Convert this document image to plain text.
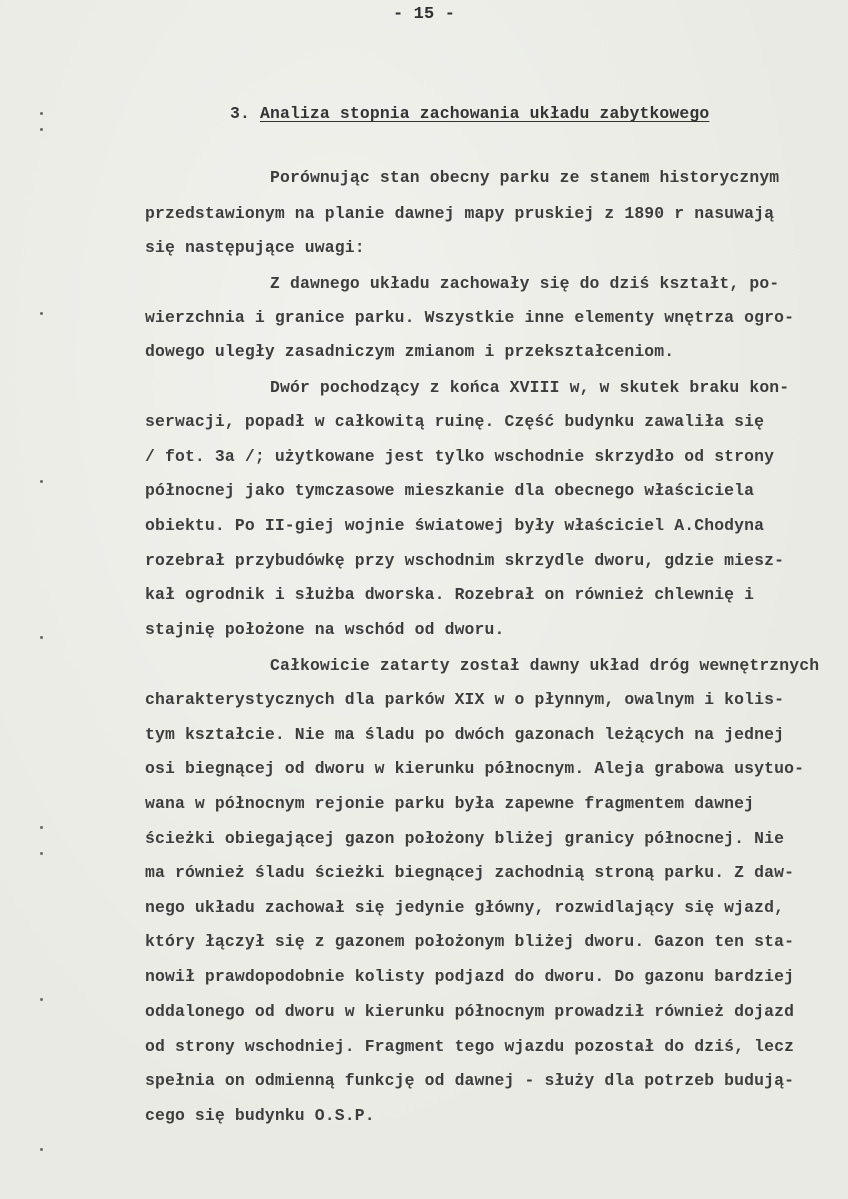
- 15 -
3. Analiza stopnia zachowania układu zabytkowego
Porównując stan obecny parku ze stanem historycznym
przedstawionym na planie dawnej mapy pruskiej z 1890 r nasuwają
się następujące uwagi:
Z dawnego układu zachowały się do dziś kształt, po-
wierzchnia i granice parku. Wszystkie inne elementy wnętrza ogro-
dowego uległy zasadniczym zmianom i przekształceniom.
Dwór pochodzący z końca XVIII w, w skutek braku kon-
serwacji, popadł w całkowitą ruinę. Część budynku zawaliła się
/ fot. 3a /; użytkowane jest tylko wschodnie skrzydło od strony
północnej jako tymczasowe mieszkanie dla obecnego właściciela
obiektu. Po II-giej wojnie światowej były właściciel A.Chodyna
rozebrał przybudówkę przy wschodnim skrzydle dworu, gdzie miesz-
kał ogrodnik i służba dworska. Rozebrał on również chlewnię i
stajnię położone na wschód od dworu.
Całkowicie zatarty został dawny układ dróg wewnętrznych
charakterystycznych dla parków XIX w o płynnym, owalnym i kolis-
tym kształcie. Nie ma śladu po dwóch gazonach leżących na jednej
osi biegnącej od dworu w kierunku północnym. Aleja grabowa usytuo-
wana w północnym rejonie parku była zapewne fragmentem dawnej
ścieżki obiegającej gazon położony bliżej granicy północnej. Nie
ma również śladu ścieżki biegnącej zachodnią stroną parku. Z daw-
nego układu zachował się jedynie główny, rozwidlający się wjazd,
który łączył się z gazonem położonym bliżej dworu. Gazon ten sta-
nowił prawdopodobnie kolisty podjazd do dworu. Do gazonu bardziej
oddalonego od dworu w kierunku północnym prowadził również dojazd
od strony wschodniej. Fragment tego wjazdu pozostał do dziś, lecz
spełnia on odmienną funkcję od dawnej - służy dla potrzeb budują-
cego się budynku O.S.P.
